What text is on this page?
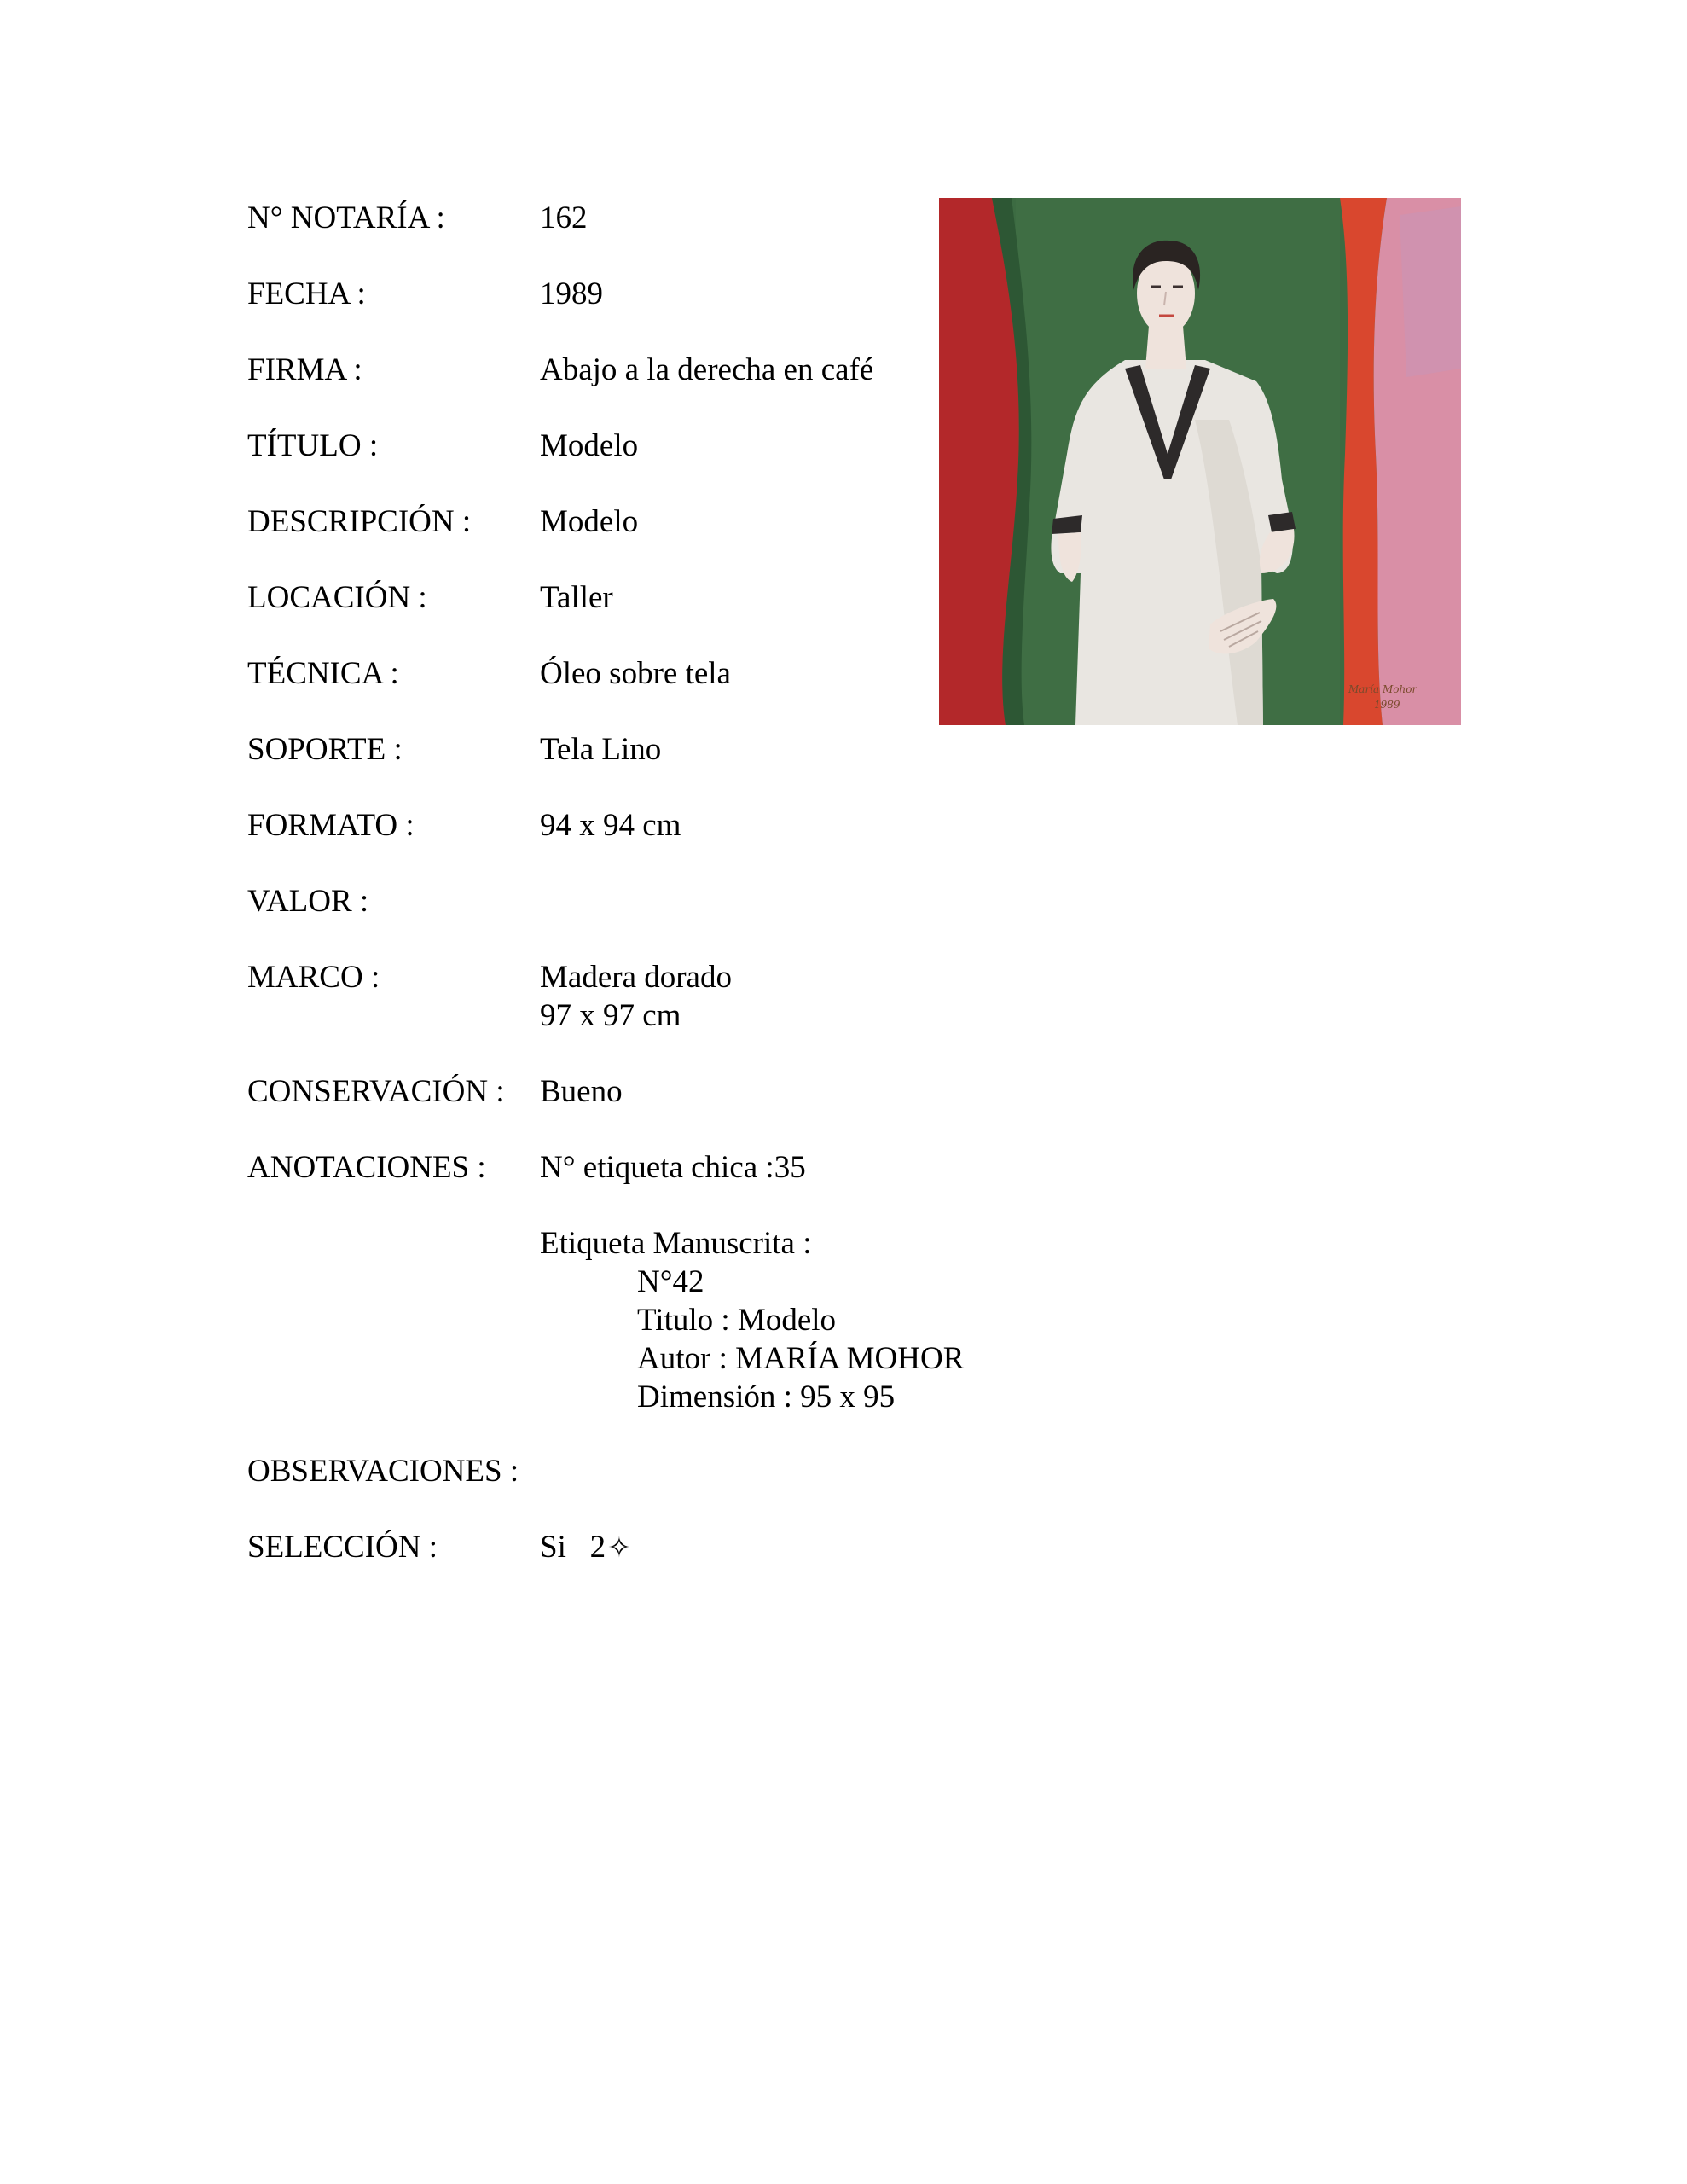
N° NOTARÍA :	162
FECHA :	1989
FIRMA :	Abajo a la derecha en café
TÍTULO :	Modelo
DESCRIPCIÓN : Modelo
LOCACIÓN :	Taller
TÉCNICA :	Óleo sobre tela
SOPORTE :	Tela Lino
FORMATO :	94 x 94 cm
VALOR :
MARCO :	Madera dorado
97 x 97 cm
CONSERVACIÓN : Bueno
ANOTACIONES : N° etiqueta chica :35
Etiqueta Manuscrita :
N°42
Titulo : Modelo
Autor : MARÍA MOHOR
Dimensión : 95 x 95
OBSERVACIONES :
SELECCIÓN :	Si   2✧
María Mohor
1989
